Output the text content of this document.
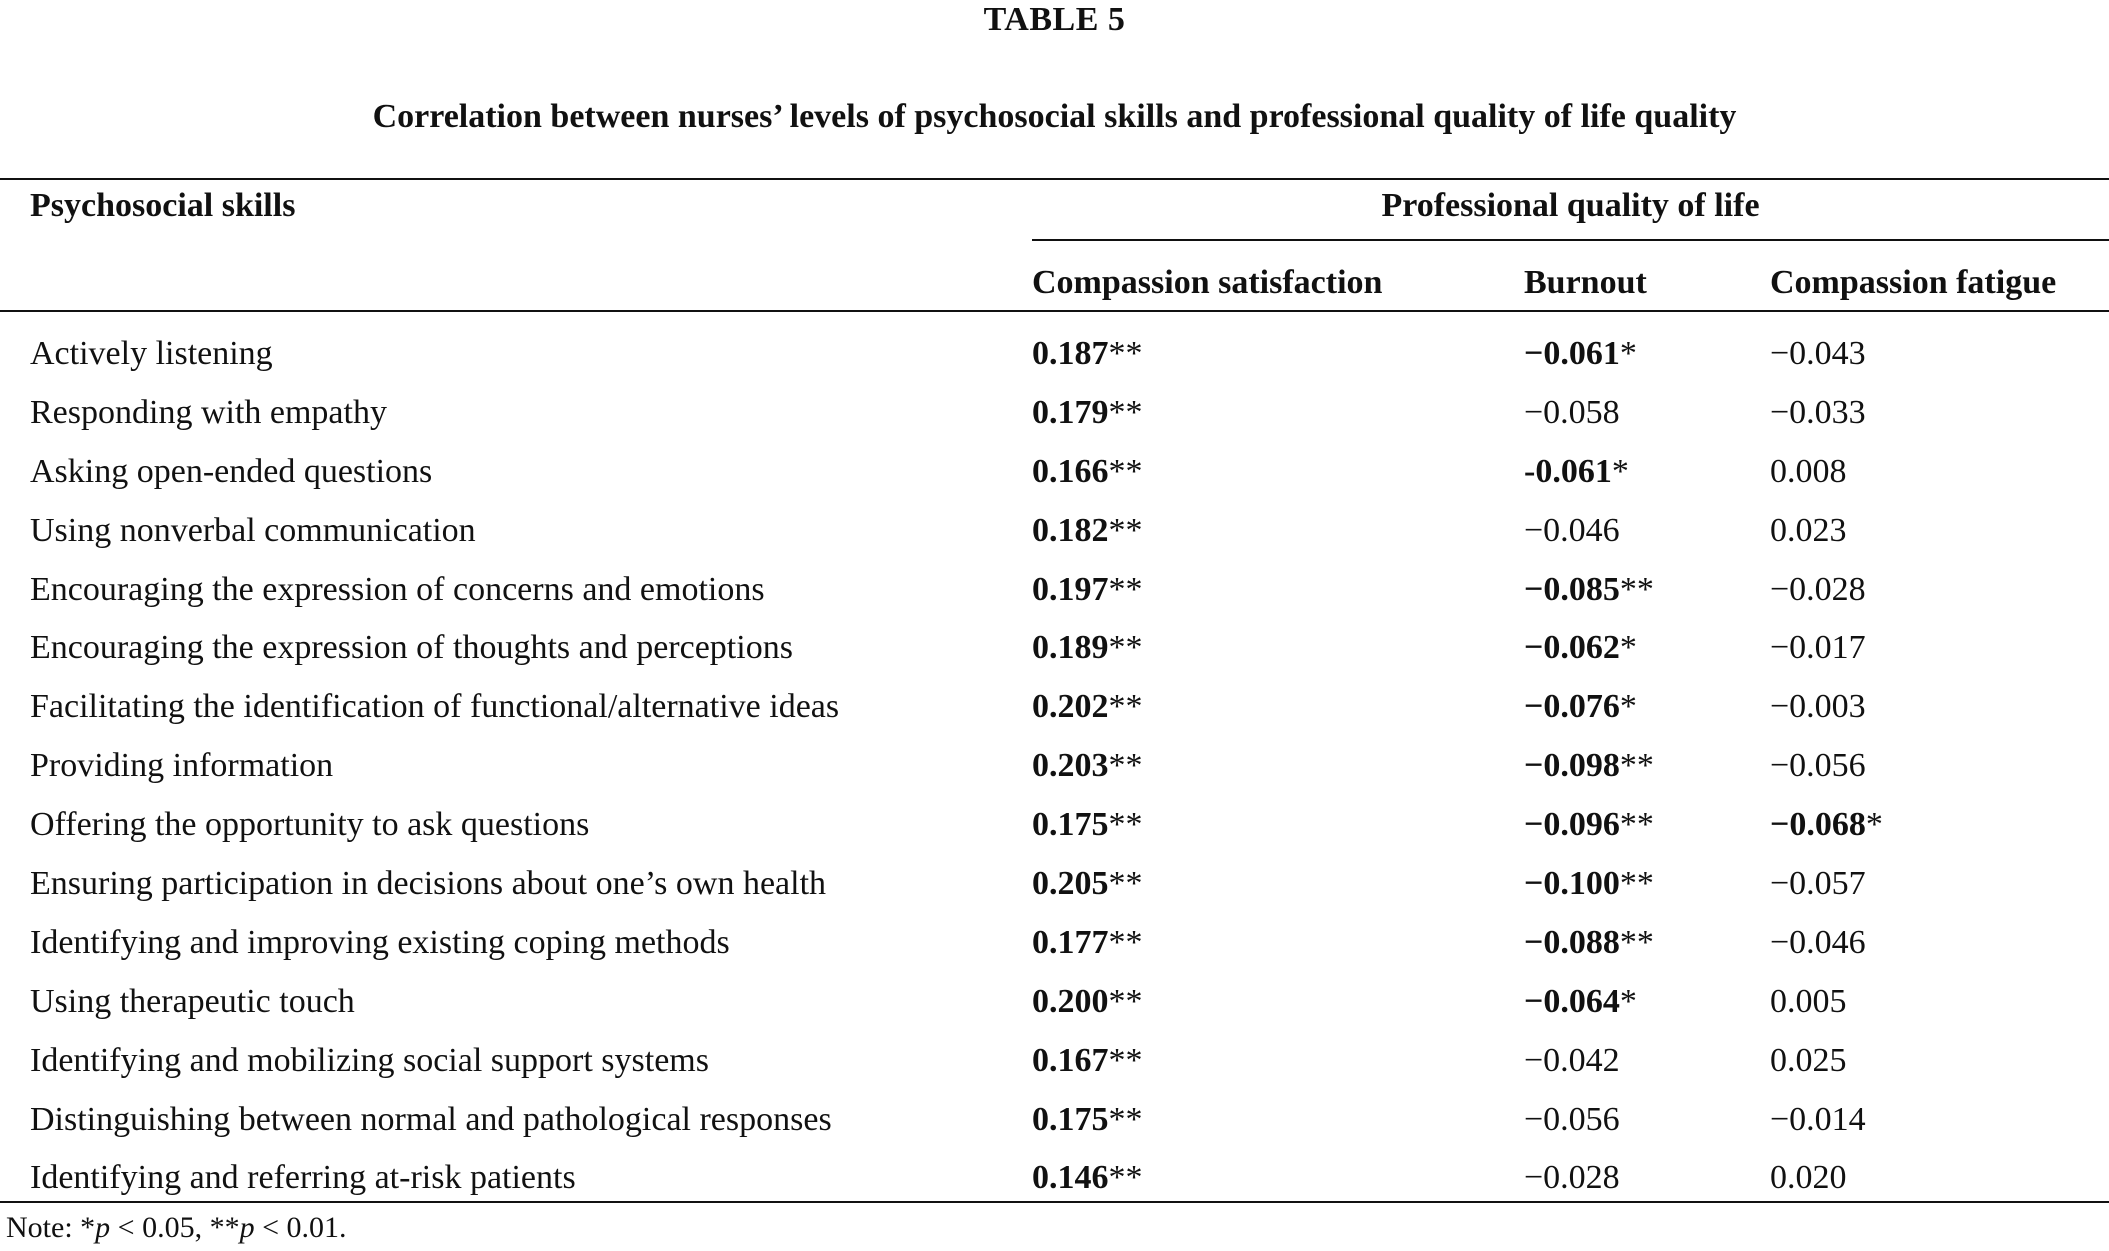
TABLE 5
Correlation between nurses’ levels of psychosocial skills and professional quality of life quality
Psychosocial skills	Professional quality of life
Compassion satisfaction	Burnout	Compassion fatigue
Actively listening	0.187**	−0.061*	−0.043
Responding with empathy	0.179**	−0.058	−0.033
Asking open-ended questions	0.166**	-0.061*	0.008
Using nonverbal communication	0.182**	−0.046	0.023
Encouraging the expression of concerns and emotions	0.197**	−0.085**	−0.028
Encouraging the expression of thoughts and perceptions	0.189**	−0.062*	−0.017
Facilitating the identification of functional/alternative ideas	0.202**	−0.076*	−0.003
Providing information	0.203**	−0.098**	−0.056
Offering the opportunity to ask questions	0.175**	−0.096**	−0.068*
Ensuring participation in decisions about one’s own health	0.205**	−0.100**	−0.057
Identifying and improving existing coping methods	0.177**	−0.088**	−0.046
Using therapeutic touch	0.200**	−0.064*	0.005
Identifying and mobilizing social support systems	0.167**	−0.042	0.025
Distinguishing between normal and pathological responses	0.175**	−0.056	−0.014
Identifying and referring at-risk patients	0.146**	−0.028	0.020
Note: *p < 0.05, **p < 0.01.
